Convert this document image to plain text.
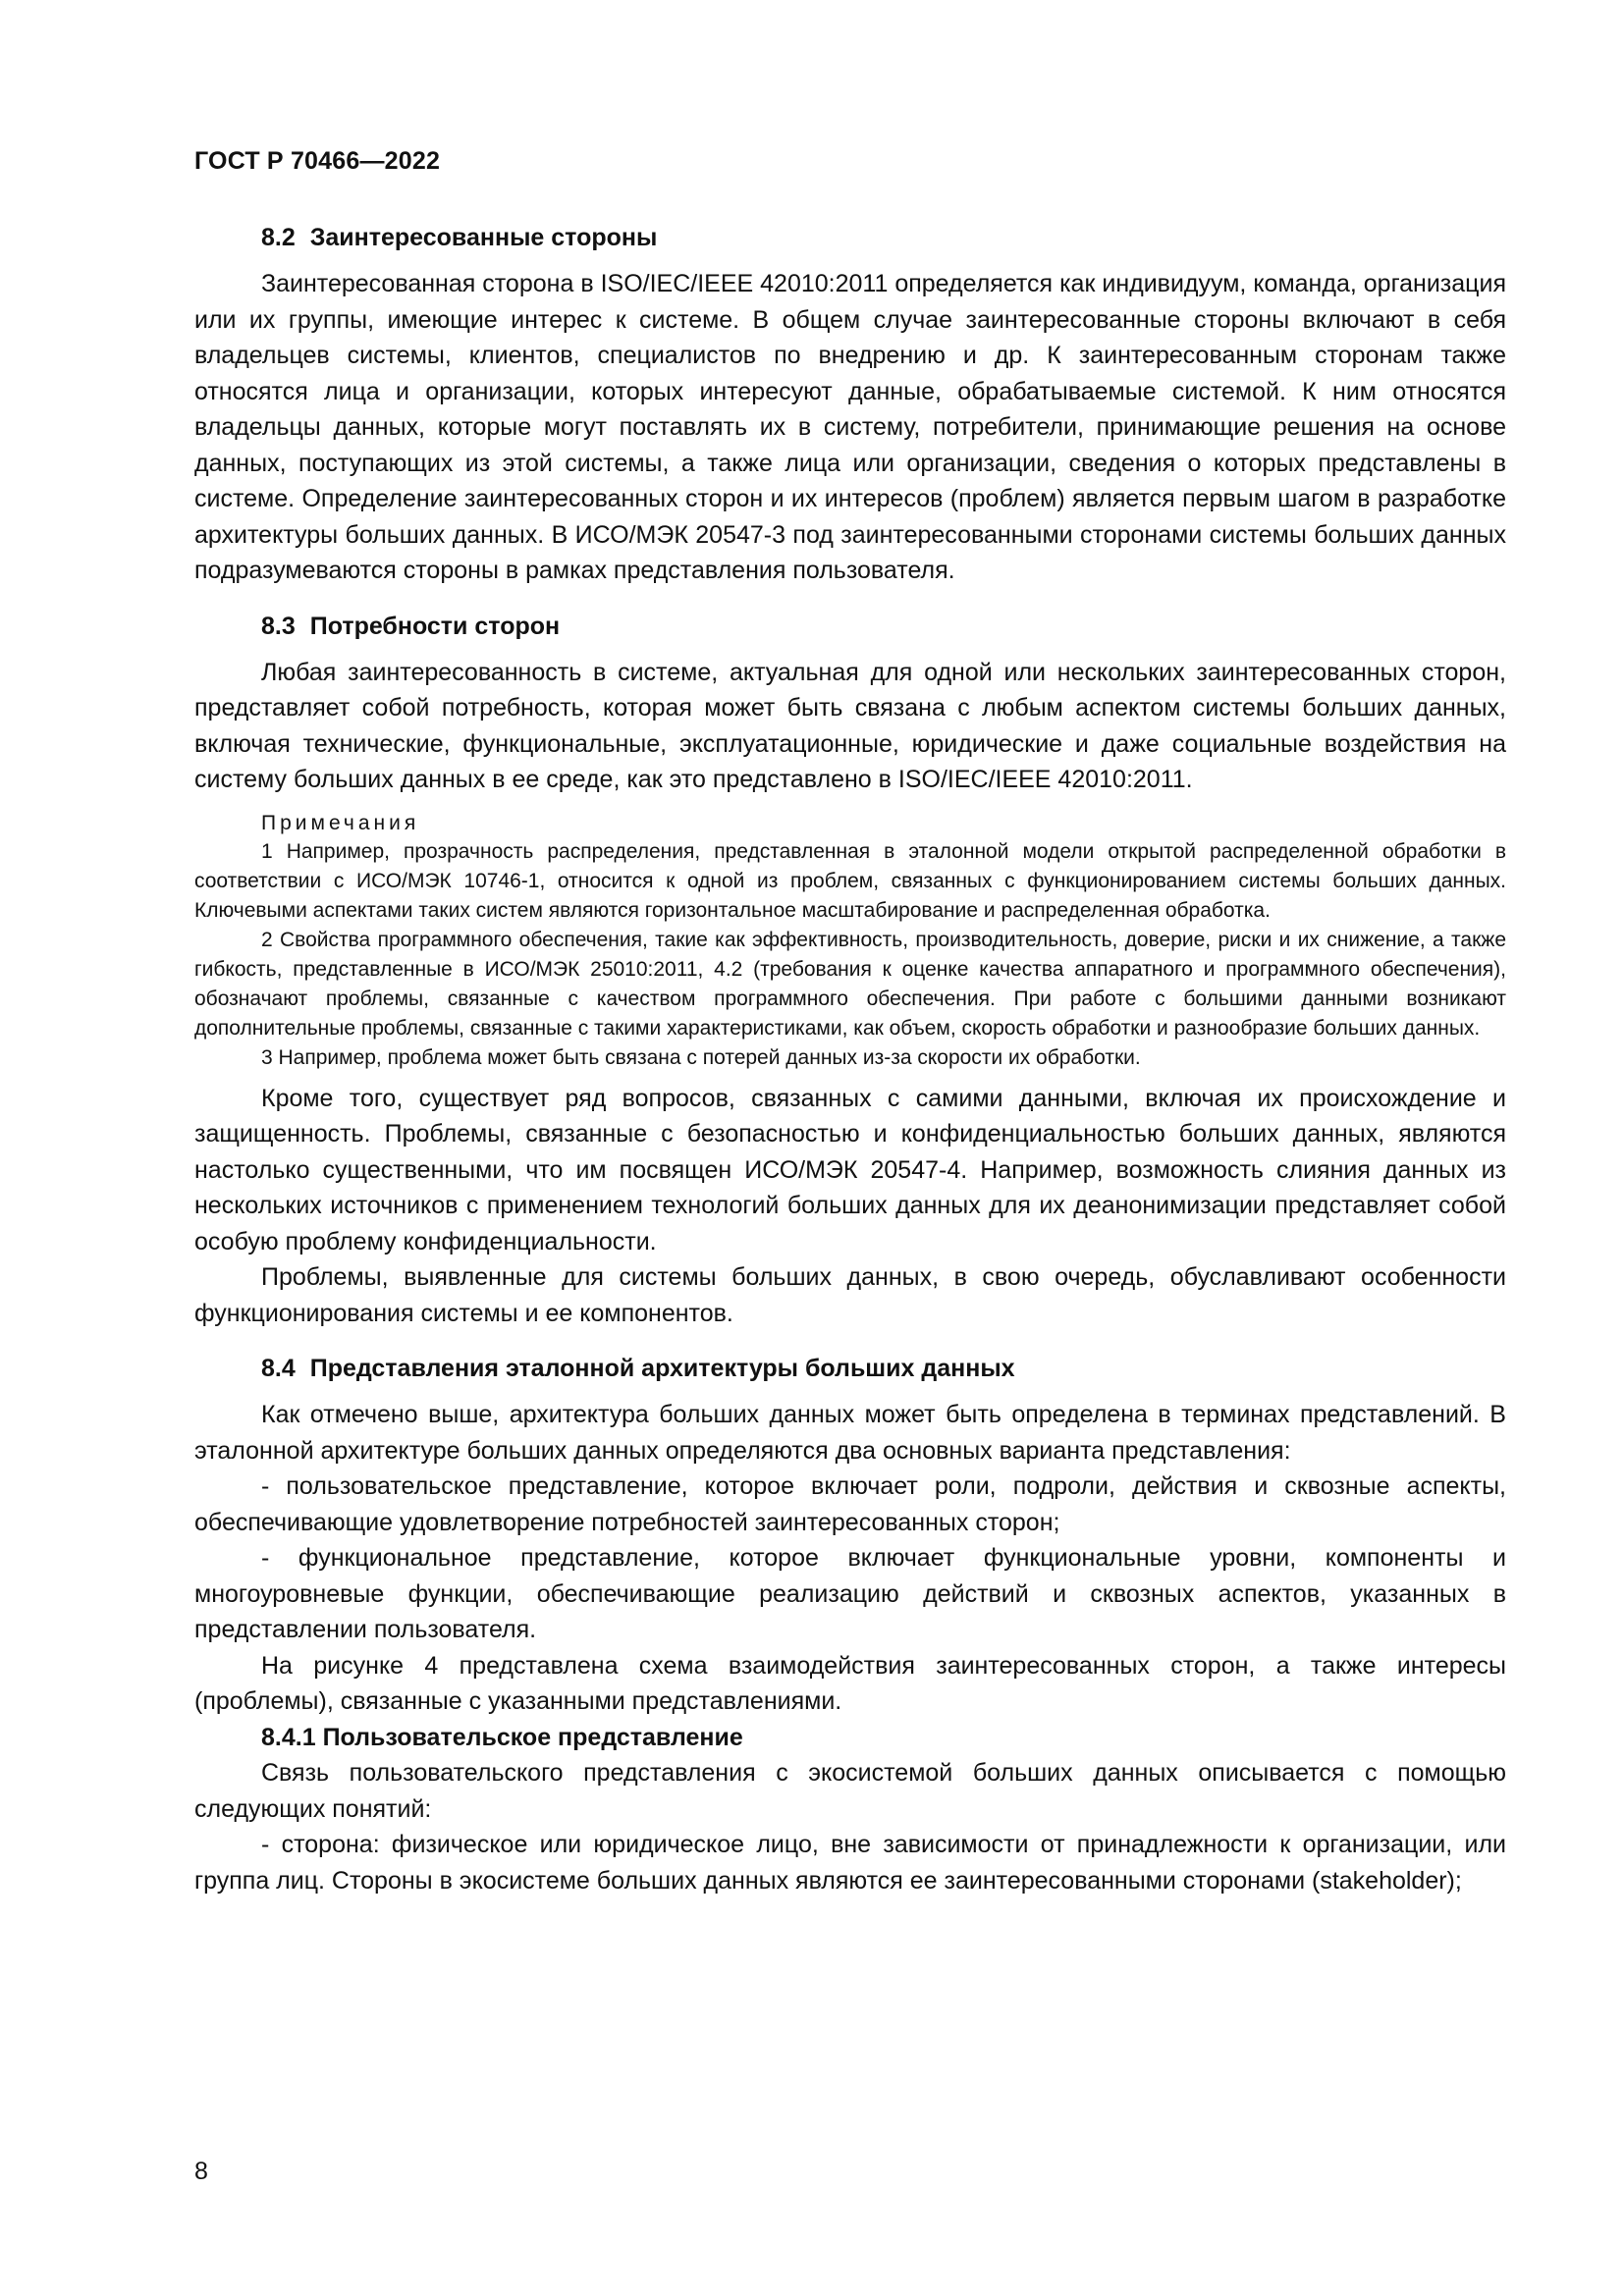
ГОСТ Р 70466—2022
8.2 Заинтересованные стороны

Заинтересованная сторона в ISO/IEC/IEEE 42010:2011 определяется как индивидуум, команда, организация или их группы, имеющие интерес к системе. В общем случае заинтересованные стороны включают в себя владельцев системы, клиентов, специалистов по внедрению и др. К заинтересованным сторонам также относятся лица и организации, которых интересуют данные, обрабатываемые системой. К ним относятся владельцы данных, которые могут поставлять их в систему, потребители, принимающие решения на основе данных, поступающих из этой системы, а также лица или организации, сведения о которых представлены в системе. Определение заинтересованных сторон и их интересов (проблем) является первым шагом в разработке архитектуры больших данных. В ИСО/МЭК 20547-3 под заинтересованными сторонами системы больших данных подразумеваются стороны в рамках представления пользователя.

8.3 Потребности сторон

Любая заинтересованность в системе, актуальная для одной или нескольких заинтересованных сторон, представляет собой потребность, которая может быть связана с любым аспектом системы больших данных, включая технические, функциональные, эксплуатационные, юридические и даже социальные воздействия на систему больших данных в ее среде, как это представлено в ISO/IEC/IEEE 42010:2011.

Примечания

1 Например, прозрачность распределения, представленная в эталонной модели открытой распределенной обработки в соответствии с ИСО/МЭК 10746-1, относится к одной из проблем, связанных с функционированием системы больших данных. Ключевыми аспектами таких систем являются горизонтальное масштабирование и распределенная обработка.

2 Свойства программного обеспечения, такие как эффективность, производительность, доверие, риски и их снижение, а также гибкость, представленные в ИСО/МЭК 25010:2011, 4.2 (требования к оценке качества аппаратного и программного обеспечения), обозначают проблемы, связанные с качеством программного обеспечения. При работе с большими данными возникают дополнительные проблемы, связанные с такими характеристиками, как объем, скорость обработки и разнообразие больших данных.

3 Например, проблема может быть связана с потерей данных из-за скорости их обработки.

Кроме того, существует ряд вопросов, связанных с самими данными, включая их происхождение и защищенность. Проблемы, связанные с безопасностью и конфиденциальностью больших данных, являются настолько существенными, что им посвящен ИСО/МЭК 20547-4. Например, возможность слияния данных из нескольких источников с применением технологий больших данных для их деанонимизации представляет собой особую проблему конфиденциальности.

Проблемы, выявленные для системы больших данных, в свою очередь, обуславливают особенности функционирования системы и ее компонентов.

8.4 Представления эталонной архитектуры больших данных

Как отмечено выше, архитектура больших данных может быть определена в терминах представлений. В эталонной архитектуре больших данных определяются два основных варианта представления:

- пользовательское представление, которое включает роли, подроли, действия и сквозные аспекты, обеспечивающие удовлетворение потребностей заинтересованных сторон;

- функциональное представление, которое включает функциональные уровни, компоненты и многоуровневые функции, обеспечивающие реализацию действий и сквозных аспектов, указанных в представлении пользователя.

На рисунке 4 представлена схема взаимодействия заинтересованных сторон, а также интересы (проблемы), связанные с указанными представлениями.

8.4.1 Пользовательское представление

Связь пользовательского представления с экосистемой больших данных описывается с помощью следующих понятий:

- сторона: физическое или юридическое лицо, вне зависимости от принадлежности к организации, или группа лиц. Стороны в экосистеме больших данных являются ее заинтересованными сторонами (stakeholder);

8
